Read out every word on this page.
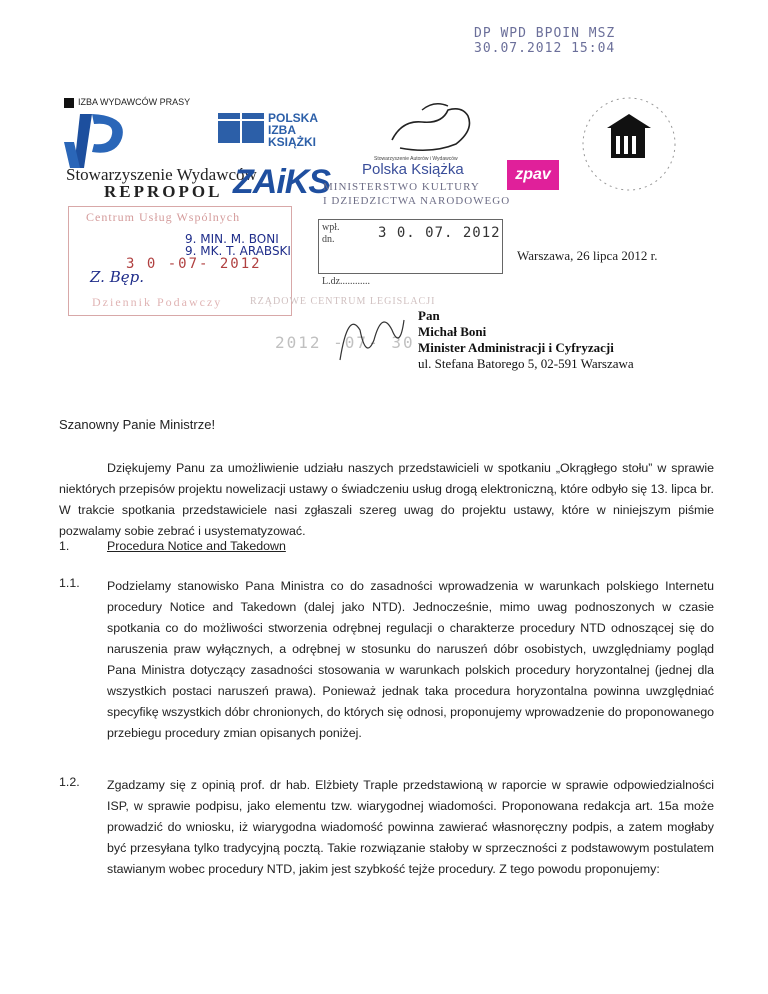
DP WPD BPOIN MSZ
30.07.2012 15:04
IZBA WYDAWCÓW PRASY
POLSKA
IZBA
KSIĄŻKI
Stowarzyszenie Wydawców
REPROPOL ZAiKS
Stowarzyszenie Autorów i Wydawców
Polska Książka	zpav
MINISTERSTWO KULTURY
I DZIEDZICTWA NARODOWEGO
wpł.
dn.	3 0. 07. 2012
L.dz............
Centrum Usług Wspólnych
3 0 -07- 2012
Dziennik Podawczy
9. MIN. M. BONI
9. MK. T. ARABSKI
Z. Bęp.
Warszawa, 26 lipca 2012 r.
RZĄDOWE CENTRUM LEGISLACJI
2012 -07- 30
Pan
Michał Boni
Minister Administracji i Cyfryzacji
ul. Stefana Batorego 5, 02-591 Warszawa
Szanowny Panie Ministrze!
Dziękujemy Panu za umożliwienie udziału naszych przedstawicieli w spotkaniu „Okrągłego stołu” w sprawie niektórych przepisów projektu nowelizacji ustawy o świadczeniu usług drogą elektroniczną, które odbyło się 13. lipca br. W trakcie spotkania przedstawiciele nasi zgłaszali szereg uwag do projektu ustawy, które w niniejszym piśmie pozwalamy sobie zebrać i usystematyzować.
1.	Procedura Notice and Takedown
1.1. Podzielamy stanowisko Pana Ministra co do zasadności wprowadzenia w warunkach polskiego Internetu procedury Notice and Takedown (dalej jako NTD). Jednocześnie, mimo uwag podnoszonych w czasie spotkania co do możliwości stworzenia odrębnej regulacji o charakterze procedury NTD odnoszącej się do naruszenia praw wyłącznych, a odrębnej w stosunku do naruszeń dóbr osobistych, uwzględniamy pogląd Pana Ministra dotyczący zasadności stosowania w warunkach polskich procedury horyzontalnej (jednej dla wszystkich postaci naruszeń prawa). Ponieważ jednak taka procedura horyzontalna powinna uwzględniać specyfikę wszystkich dóbr chronionych, do których się odnosi, proponujemy wprowadzenie do proponowanego przebiegu procedury zmian opisanych poniżej.
1.2. Zgadzamy się z opinią prof. dr hab. Elżbiety Traple przedstawioną w raporcie w sprawie odpowiedzialności ISP, w sprawie podpisu, jako elementu tzw. wiarygodnej wiadomości. Proponowana redakcja art. 15a może prowadzić do wniosku, iż wiarygodna wiadomość powinna zawierać własnoręczny podpis, a zatem mogłaby być przesyłana tylko tradycyjną pocztą. Takie rozwiązanie stałoby w sprzeczności z podstawowym postulatem stawianym wobec procedury NTD, jakim jest szybkość tejże procedury. Z tego powodu proponujemy:
